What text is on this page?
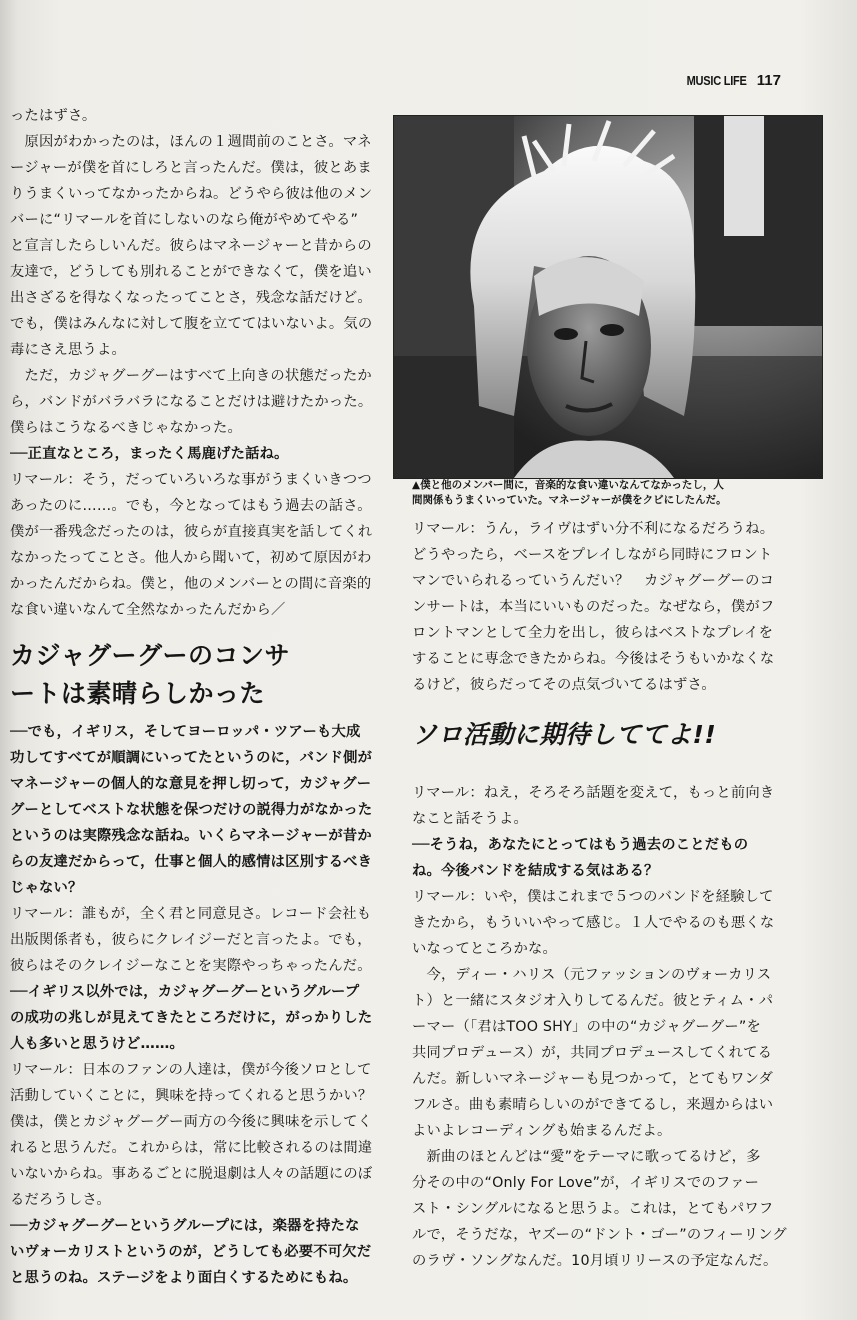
MUSIC LIFE 117

ったはずさ。

　原因がわかったのは，ほんの１週間前のことさ。マネ

ージャーが僕を首にしろと言ったんだ。僕は，彼とあま

りうまくいってなかったからね。どうやら彼は他のメン

バーに“リマールを首にしないのなら俺がやめてやる”

と宣言したらしいんだ。彼らはマネージャーと昔からの

友達で，どうしても別れることができなくて，僕を追い

出さざるを得なくなったってことさ，残念な話だけど。

でも，僕はみんなに対して腹を立ててはいないよ。気の

毒にさえ思うよ。

　ただ，カジャグーグーはすべて上向きの状態だったか

ら，バンドがバラバラになることだけは避けたかった。

僕らはこうなるべきじゃなかった。

──正直なところ，まったく馬鹿げた話ね。

リマール：そう，だっていろいろな事がうまくいきつつ

あったのに……。でも，今となってはもう過去の話さ。

僕が一番残念だったのは，彼らが直接真実を話してくれ

なかったってことさ。他人から聞いて，初めて原因がわ

かったんだからね。僕と，他のメンバーとの間に音楽的

な食い違いなんて全然なかったんだから／

カジャグーグーのコンサ
ートは素晴らしかった

──でも，イギリス，そしてヨーロッパ・ツアーも大成

功してすべてが順調にいってたというのに，バンド側が

マネージャーの個人的な意見を押し切って，カジャグー

グーとしてベストな状態を保つだけの説得力がなかった

というのは実際残念な話ね。いくらマネージャーが昔か

らの友達だからって，仕事と個人的感情は区別するべき

じゃない？

リマール：誰もが，全く君と同意見さ。レコード会社も

出版関係者も，彼らにクレイジーだと言ったよ。でも，

彼らはそのクレイジーなことを実際やっちゃったんだ。

──イギリス以外では，カジャグーグーというグループ

の成功の兆しが見えてきたところだけに，がっかりした

人も多いと思うけど……。

リマール：日本のファンの人達は，僕が今後ソロとして

活動していくことに，興味を持ってくれると思うかい？

僕は，僕とカジャグーグー両方の今後に興味を示してく

れると思うんだ。これからは，常に比較されるのは間違

いないからね。事あるごとに脱退劇は人々の話題にのぼ

るだろうしさ。

──カジャグーグーというグループには，楽器を持たな

いヴォーカリストというのが，どうしても必要不可欠だ

と思うのね。ステージをより面白くするためにもね。

▲僕と他のメンバー間に，音楽的な食い違いなんてなかったし，人
間関係もうまくいっていた。マネージャーが僕をクビにしたんだ。

リマール：うん，ライヴはずい分不利になるだろうね。

どうやったら，ベースをプレイしながら同時にフロント

マンでいられるっていうんだい？　カジャグーグーのコ

ンサートは，本当にいいものだった。なぜなら，僕がフ

ロントマンとして全力を出し，彼らはベストなプレイを

することに専念できたからね。今後はそうもいかなくな

るけど，彼らだってその点気づいてるはずさ。

ソロ活動に期待しててよ!!

リマール：ねえ，そろそろ話題を変えて，もっと前向き

なこと話そうよ。

──そうね，あなたにとってはもう過去のことだもの

ね。今後バンドを結成する気はある？

リマール：いや，僕はこれまで５つのバンドを経験して

きたから，もういいやって感じ。１人でやるのも悪くな

いなってところかな。

　今，ディー・ハリス（元ファッションのヴォーカリス

ト）と一緒にスタジオ入りしてるんだ。彼とティム・パ

ーマー（「君はTOO SHY」の中の“カジャグーグー”を

共同プロデュース）が，共同プロデュースしてくれてる

んだ。新しいマネージャーも見つかって，とてもワンダ

フルさ。曲も素晴らしいのができてるし，来週からはい

よいよレコーディングも始まるんだよ。

　新曲のほとんどは“愛”をテーマに歌ってるけど，多

分その中の“Only For Love”が，イギリスでのファー

スト・シングルになると思うよ。これは，とてもパワフ

ルで，そうだな，ヤズーの“ドント・ゴー”のフィーリング

のラヴ・ソングなんだ。10月頃リリースの予定なんだ。
